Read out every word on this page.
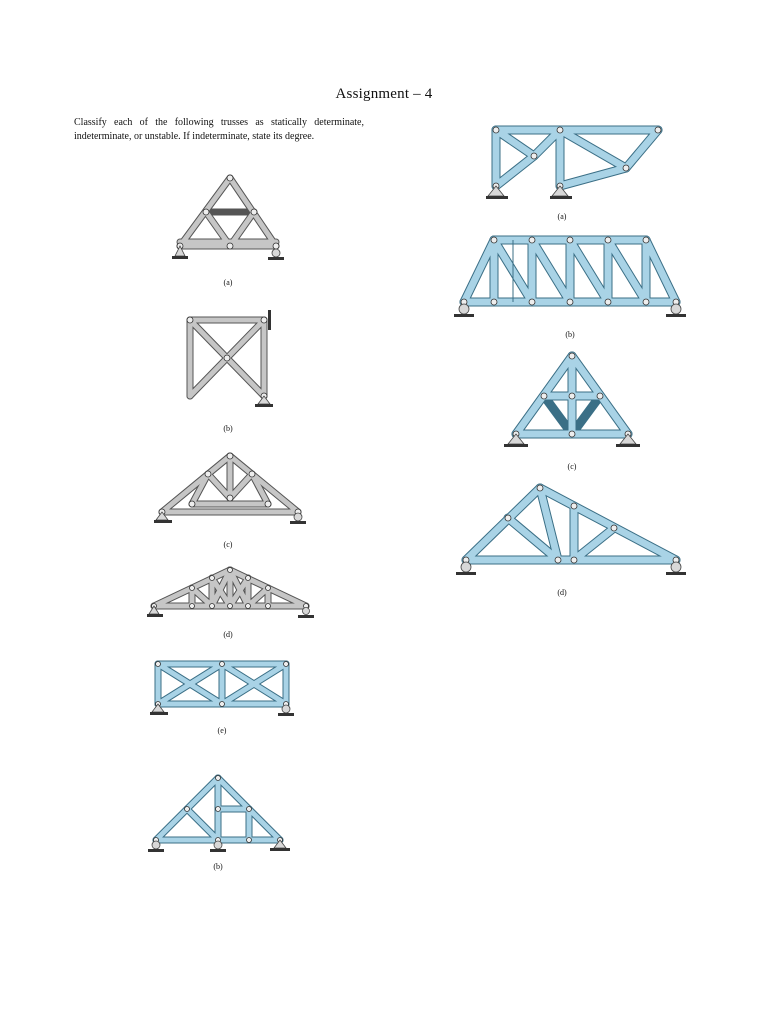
Assignment – 4
Classify each of the following trusses as statically determinate, indeterminate, or unstable. If indeterminate, state its degree.
(a)
(b)
(c)
(d)
(e)
(b)
(a)
(b)
(c)
(d)
